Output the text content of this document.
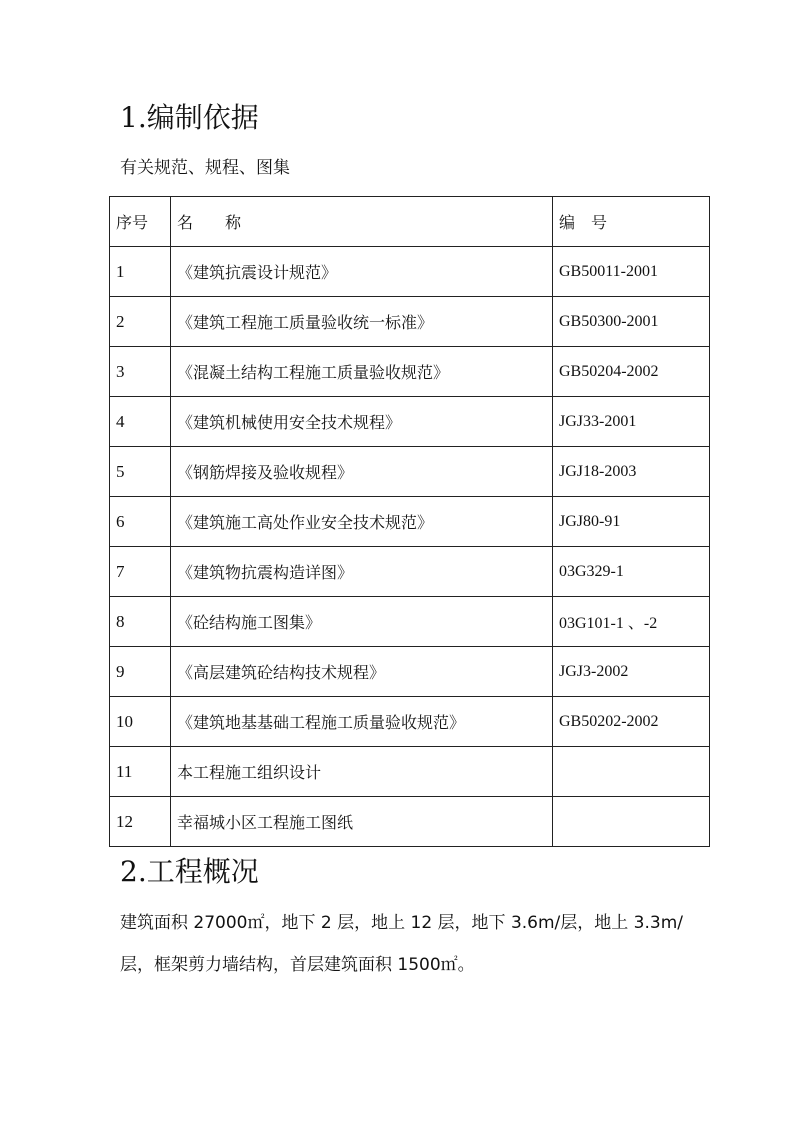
1.编制依据
有关规范、规程、图集
序号	名　　称	编　号
1	《建筑抗震设计规范》	GB50011-2001
2	《建筑工程施工质量验收统一标准》	GB50300-2001
3	《混凝土结构工程施工质量验收规范》	GB50204-2002
4	《建筑机械使用安全技术规程》	JGJ33-2001
5	《钢筋焊接及验收规程》	JGJ18-2003
6	《建筑施工高处作业安全技术规范》	JGJ80-91
7	《建筑物抗震构造详图》	03G329-1
8	《砼结构施工图集》	03G101-1 、-2
9	《高层建筑砼结构技术规程》	JGJ3-2002
10	《建筑地基基础工程施工质量验收规范》	GB50202-2002
11	本工程施工组织设计	
12	幸福城小区工程施工图纸	
2.工程概况
建筑面积 27000㎡，地下 2 层，地上 12 层，地下 3.6m/层，地上 3.3m/层，框架剪力墙结构，首层建筑面积 1500㎡。
